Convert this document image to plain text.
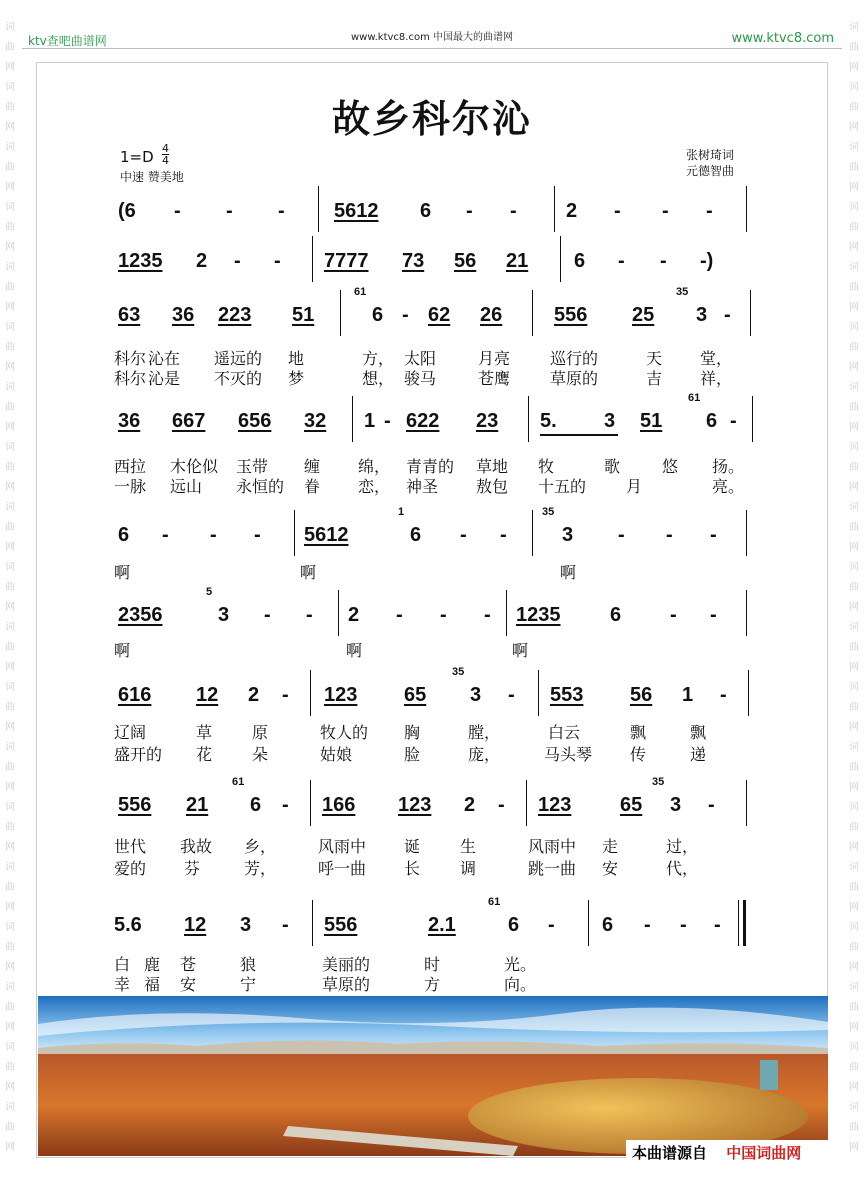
词
曲
网
词
曲
网
词
曲
网
词
曲
网
词
曲
网
词
曲
网
词
曲
网
词
曲
网
词
曲
网
词
曲
网
词
曲
网
词
曲
网
词
曲
网
词
曲
网
词
曲
网
词
曲
网
词
曲
网
词
曲
网
词
曲
网
词
曲
网
词
曲
网
词
曲
网
词
曲
网
词
曲
网
词
曲
网
词
曲
网
词
曲
网
词
曲
网
词
曲
网
词
曲
网
词
曲
网
词
曲
网
词
曲
网
词
曲
网
词
曲
网
词
曲
网
词
曲
网
词
曲
网
ktv查吧曲谱网	www.ktvc8.com 中国最大的曲谱网	www.ktvc8.com
故乡科尔沁
1=D 4
4
中速 赞美地
张树琦词
元德智曲
(6 - - - 5612 6 - - 2 - - -
1235 2 - - 7777 73 56 21 6 - - -)
63 36 223 51
61
6 - 62 26	556 25
35
3 -
科尔 沁在 遥远的 地	方， 太阳	月亮 巡行的	天 堂，
科尔 沁是 不灭的 梦	想， 骏马	苍鹰 草原的	吉 祥，
36 667 656 32 1 - 622 23 5.	3 51
61
6 -
西拉 木伦似 玉带 缠 绵， 青青的 草地 牧	歌	悠 扬。
一脉 远山 永恒的 眷 恋， 神圣 敖包 十五的 月	亮。
6 - - - 5612
1
6 - -
35
3 - - -
啊	啊	啊
2356
5
3 - - 2 - - - 1235 6 - -
啊	啊	啊
616 12 2 - 123 65
35
3 - 553 56 1 -
辽阔	草 原	牧人的 胸	膛，	白云	飘	飘
盛开的 花 朵	姑娘	脸	庞，	马头琴 传	递
556 21
61
6 - 166 123 2 - 123 65
35
3 -
世代 我故 乡，	风雨中 诞 生	风雨中 走	过，
爱的 芬	芳，	呼一曲 长 调	跳一曲 安	代，
5.6 12 3 - 556	2.1
61
6 - 6 - - -
白 鹿 苍	狼	美丽的	时	光。
幸 福 安	宁	草原的	方	向。
本曲谱源自 中国词曲网
